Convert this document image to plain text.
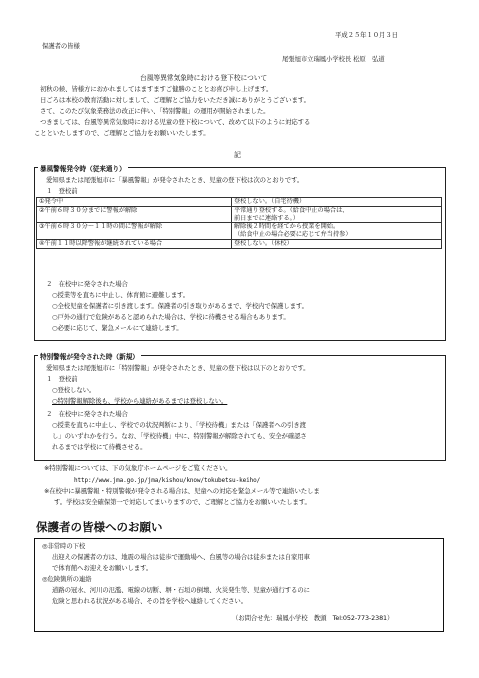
平成２５年１０月３日
保護者の皆様
尾張旭市立瑞鳳小学校長 松原　弘道
台風等異常気象時における登下校について
初秋の候、皆様方におかれましてはますますご健勝のこととお喜び申し上げます。
日ごろは本校の教育活動に対しまして、ご理解とご協力をいただき誠にありがとうございます。
さて、このたび気象業務法の改正に伴い、「特別警報」の運用が開始されました。
つきましては、台風等異常気象時における児童の登下校について、改めて以下のように対応する
ことといたしますので、ご理解とご協力をお願いいたします。
記
暴風警報発令時（従来通り）
愛知県または尾張旭市に「暴風警報」が発令されたとき、児童の登下校は次のとおりです。
１　登校前
①発令中	登校しない。（自宅待機）
②午前６時３０分までに警報が解除	平常通り登校する。（給食中止の場合は、
前日までに連絡する。）

③午前６時３０分～１１時の間に警報が解除	解除後２時間を経てから授業を開始。
（給食中止の場合必要に応じて弁当持参）

④午前１１時以降警報が継続されている場合	登校しない。（休校）
２　在校中に発令された場合
○授業等を直ちに中止し、体育館に避難します。
○全校児童を保護者に引き渡します。保護者の引き取りがあるまで、学校内で保護します。
○戸外の通行で危険があると認められた場合は、学校に待機させる場合もあります。
○必要に応じて、緊急メールにて連絡します。
特別警報が発令された時（新規）
愛知県または尾張旭市に「特別警報」が発令されたとき、児童の登下校は以下のとおりです。
１　登校前
○登校しない。
○特別警報解除後も、学校から連絡があるまでは登校しない。
２　在校中に発令された場合
○授業を直ちに中止し、学校での状況判断により、「学校待機」または「保護者への引き渡
し」のいずれかを行う。なお、「学校待機」中に、特別警報が解除されても、安全が確認さ
れるまでは学校にて待機させる。
※特別警報については、下の気象庁ホームページをご覧ください。
http://www.jma.go.jp/jma/kishou/know/tokubetsu-keiho/
※在校中に暴風警報・特別警報が発令される場合は、児童への対応を緊急メール等で連絡いたしま
す。学校は安全確保第一で対応してまいりますので、ご理解とご協力をお願いいたします。
保護者の皆様へのお願い
◎非常時の下校
出迎えの保護者の方は、地震の場合は徒歩で運動場へ、台風等の場合は徒歩または自家用車
で体育館へお迎えをお願いします。
◎危険箇所の連絡
道路の冠水、河川の氾濫、電線の切断、塀・石垣の倒壊、火災発生等、児童が通行するのに
危険と思われる状況がある場合、その旨を学校へ連絡してください。
（お問合せ先：瑞鳳小学校　教頭　Tel:052-773-2381）
